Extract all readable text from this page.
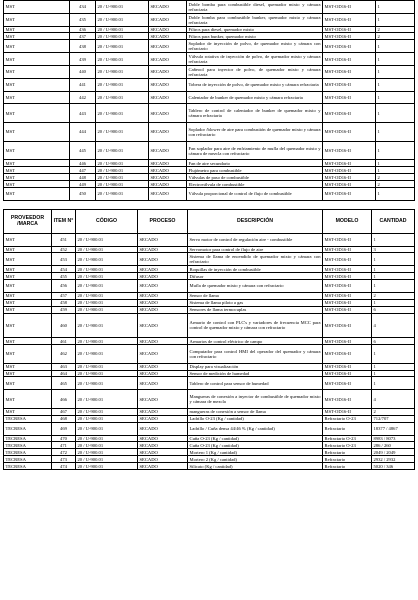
MST	434	20 / U-900.01	SECADO	Doble bomba para combustible diesel, quemador mixto y cámara refractaria	MST-OD16-II	1
MST	435	20 / U-900.01	SECADO	Doble bomba para combustible bunker, quemador mixto y cámara refractaria	MST-OD16-II	1
MST	436	20 / U-900.01	SECADO	Filtros para diesel, quemador mixto	MST-OD16-II	2
MST	437	20 / U-900.01	SECADO	Filtros para bunker, quemador mixto	MST-OD16-II	2
MST	438	20 / U-900.01	SECADO	Soplador de inyección de polvo, de quemador mixto y cámara con refractario	MST-OD16-II	1
MST	439	20 / U-900.01	SECADO	Válvula rotativa de inyección de polvo, de quemador mixto y cámara refractaria	MST-OD16-II	1
MST	440	20 / U-900.01	SECADO	Cañeool para inyector de polvo, de quemador mixto y cámara refractaria	MST-OD16-II	1
MST	441	20 / U-900.01	SECADO	Tobera de inyección de polvo, de quemador mixto y cámara refractaria	MST-OD16-II	1
MST	442	20 / U-900.01	SECADO	Calentador de bunker de quemador mixto y cámara refractaria	MST-OD16-II	1
MST	443	20 / U-900.01	SECADO	Tablero de control de calentador de bunker de quemador mixto y cámara refractaria	MST-OD16-II	1
MST	444	20 / U-900.01	SECADO	Soplador /blower de aire para combustión de quemador mixto y cámara con refractario	MST-OD16-II	1
MST	445	20 / U-900.01	SECADO	Fan soplador para aire de enfriamiento de mufla del quemador mixto y cámara de mezcla con refractario	MST-OD16-II	1
MST	446	20 / U-900.01	SECADO	Fan de aire secundario	MST-OD16-II	1
MST	447	20 / U-900.01	SECADO	Flujómetro para combustible	MST-OD16-II	1
MST	448	20 / U-900.01	SECADO	Válvulas de paso de combustible	MST-OD16-II	2
MST	449	20 / U-900.01	SECADO	Electroválvula de combustible	MST-OD16-II	2
MST	450	20 / U-900.01	SECADO	Válvula proporcional de control de flujo de combustible	MST-OD16-II	1
PROVEEDOR /MARCA	ITEM N°	CÓDIGO	PROCESO	DESCRIPCIÓN	MODELO	CANTIDAD
MST	451	20 / U-900.01	SECADO	Servo motor de control de regulación aire - combustible	MST-OD16-II	1
MST	452	20 / U-900.01	SECADO	Servomotor para control de flujo de aire	MST-OD16-II	3
MST	453	20 / U-900.01	SECADO	Sistema de llama de encendido de quemador mixto y cámara con refractario	MST-OD16-II	1
MST	454	20 / U-900.01	SECADO	Boquillas de inyección de combustible	MST-OD16-II	1
MST	455	20 / U-900.01	SECADO	Difusor	MST-OD16-II	1
MST	456	20 / U-900.01	SECADO	Mufla de quemador mixto y cámara con refractario	MST-OD16-II	1
MST	457	20 / U-900.01	SECADO	Sensor de llama	MST-OD16-II	2
MST	458	20 / U-900.01	SECADO	Sistema de llama piloto a gas	MST-OD16-II	1
MST	459	20 / U-900.01	SECADO	Sensores de llama termocuplas	MST-OD16-II	6
MST	460	20 / U-900.01	SECADO	Armario de control con PLC's y variadores de frecuencia MCC para control de quemador mixto y cámara con refractario	MST-OD16-II	4
MST	461	20 / U-900.01	SECADO	Armarios de control eléctrico de campo	MST-OD16-II	6
MST	462	20 / U-900.01	SECADO	Computador para control HMI del operador del quemador y cámara con refractario	MST-OD16-II	1
MST	463	20 / U-900.01	SECADO	Display para visualización	MST-OD16-II	1
MST	464	20 / U-900.01	SECADO	Sensor de medición de humedad	MST-OD16-II	1
MST	465	20 / U-900.01	SECADO	Tablero de control para sensor de humedad	MST-OD16-II	1
MST	466	20 / U-900.01	SECADO	Mangueras de conexión a inyector de combustible de quemador mixto y cámara de mezcla	MST-OD16-II	4
MST	467	20 / U-900.01	SECADO	mangueras de conexión a sensor de llama	MST-OD16-II	2
TECRESA	468	20 / U-900.01	SECADO	Ladrillo O-23 (Kg / cantidad)	Refractario O-23	712/707
TECRESA	469	20 / U-900.01	SECADO	Ladrillo / Cuña densa 44/46 % (Kg / cantidad)	Refractario	18377 / 4867
TECRESA	470	20 / U-900.01	SECADO	Cuña O-23 (Kg / cantidad)	Refractario O-23	8983 / 8073
TECRESA	471	20 / U-900.01	SECADO	Cuña O-23 (Kg / cantidad)	Refractario O-23	286 / 260
TECRESA	472	20 / U-900.01	SECADO	Mortero 1 (Kg / cantidad)	Refractario	2049 / 2049
TECRESA	473	20 / U-900.01	SECADO	Mortero 2 (Kg / cantidad)	Refractario	2932 / 2932
TECRESA	474	20 / U-900.01	SECADO	Silicato (Kg / cantidad)	Refractario	5020 / 346
